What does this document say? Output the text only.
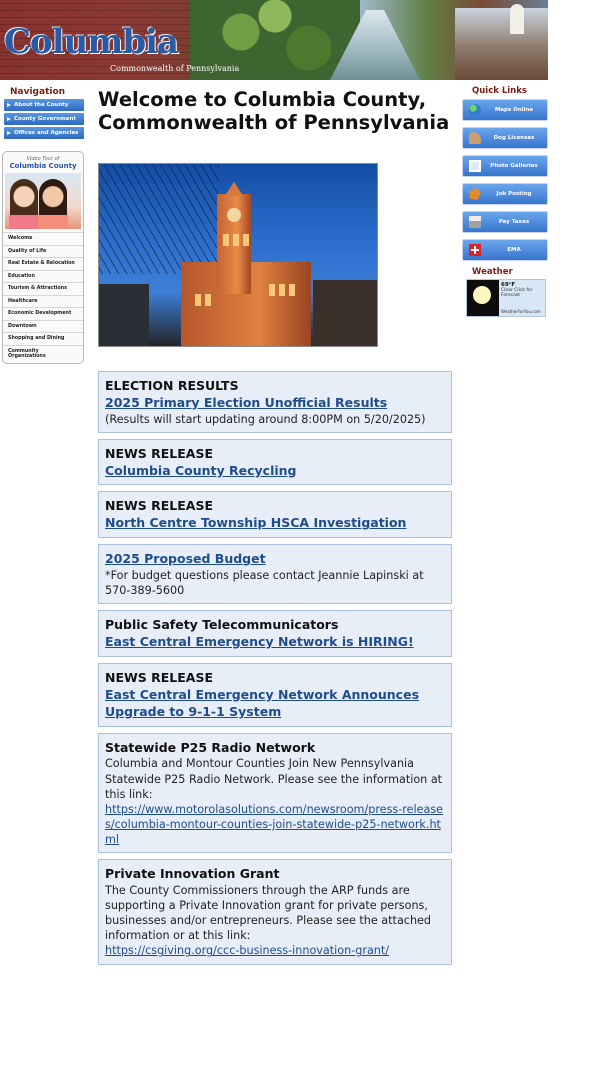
Columbia
Commonwealth of Pennsylvania
Navigation
About the County
County Government
Offices and Agencies
Video Tour of
Columbia County
Welcome
Quality of Life
Real Estate & Relocation
Education
Tourism & Attractions
Healthcare
Economic Development
Downtown
Shopping and Dining
Community Organizations
Quick Links
Maps Online
Dog Licenses
Photo Galleries
Job Posting
Pay Taxes
EMA
Weather
69°F
Clear Click for Forecast
WeatherForYou.com
Welcome to Columbia County, Commonwealth of Pennsylvania
ELECTION RESULTS
2025 Primary Election Unofficial Results
(Results will start updating around 8:00PM on 5/20/2025)
NEWS RELEASE
Columbia County Recycling
NEWS RELEASE
North Centre Township HSCA Investigation
2025 Proposed Budget
*For budget questions please contact Jeannie Lapinski at 570-389-5600
Public Safety Telecommunicators
East Central Emergency Network is HIRING!
NEWS RELEASE
East Central Emergency Network Announces Upgrade to 9-1-1 System
Statewide P25 Radio Network
Columbia and Montour Counties Join New Pennsylvania Statewide P25 Radio Network. Please see the information at this link:
https://www.motorolasolutions.com/newsroom/press-releases/columbia-montour-counties-join-statewide-p25-network.html
Private Innovation Grant
The County Commissioners through the ARP funds are supporting a Private Innovation grant for private persons, businesses and/or entrepreneurs. Please see the attached information or at this link:
https://csgiving.org/ccc-business-innovation-grant/
